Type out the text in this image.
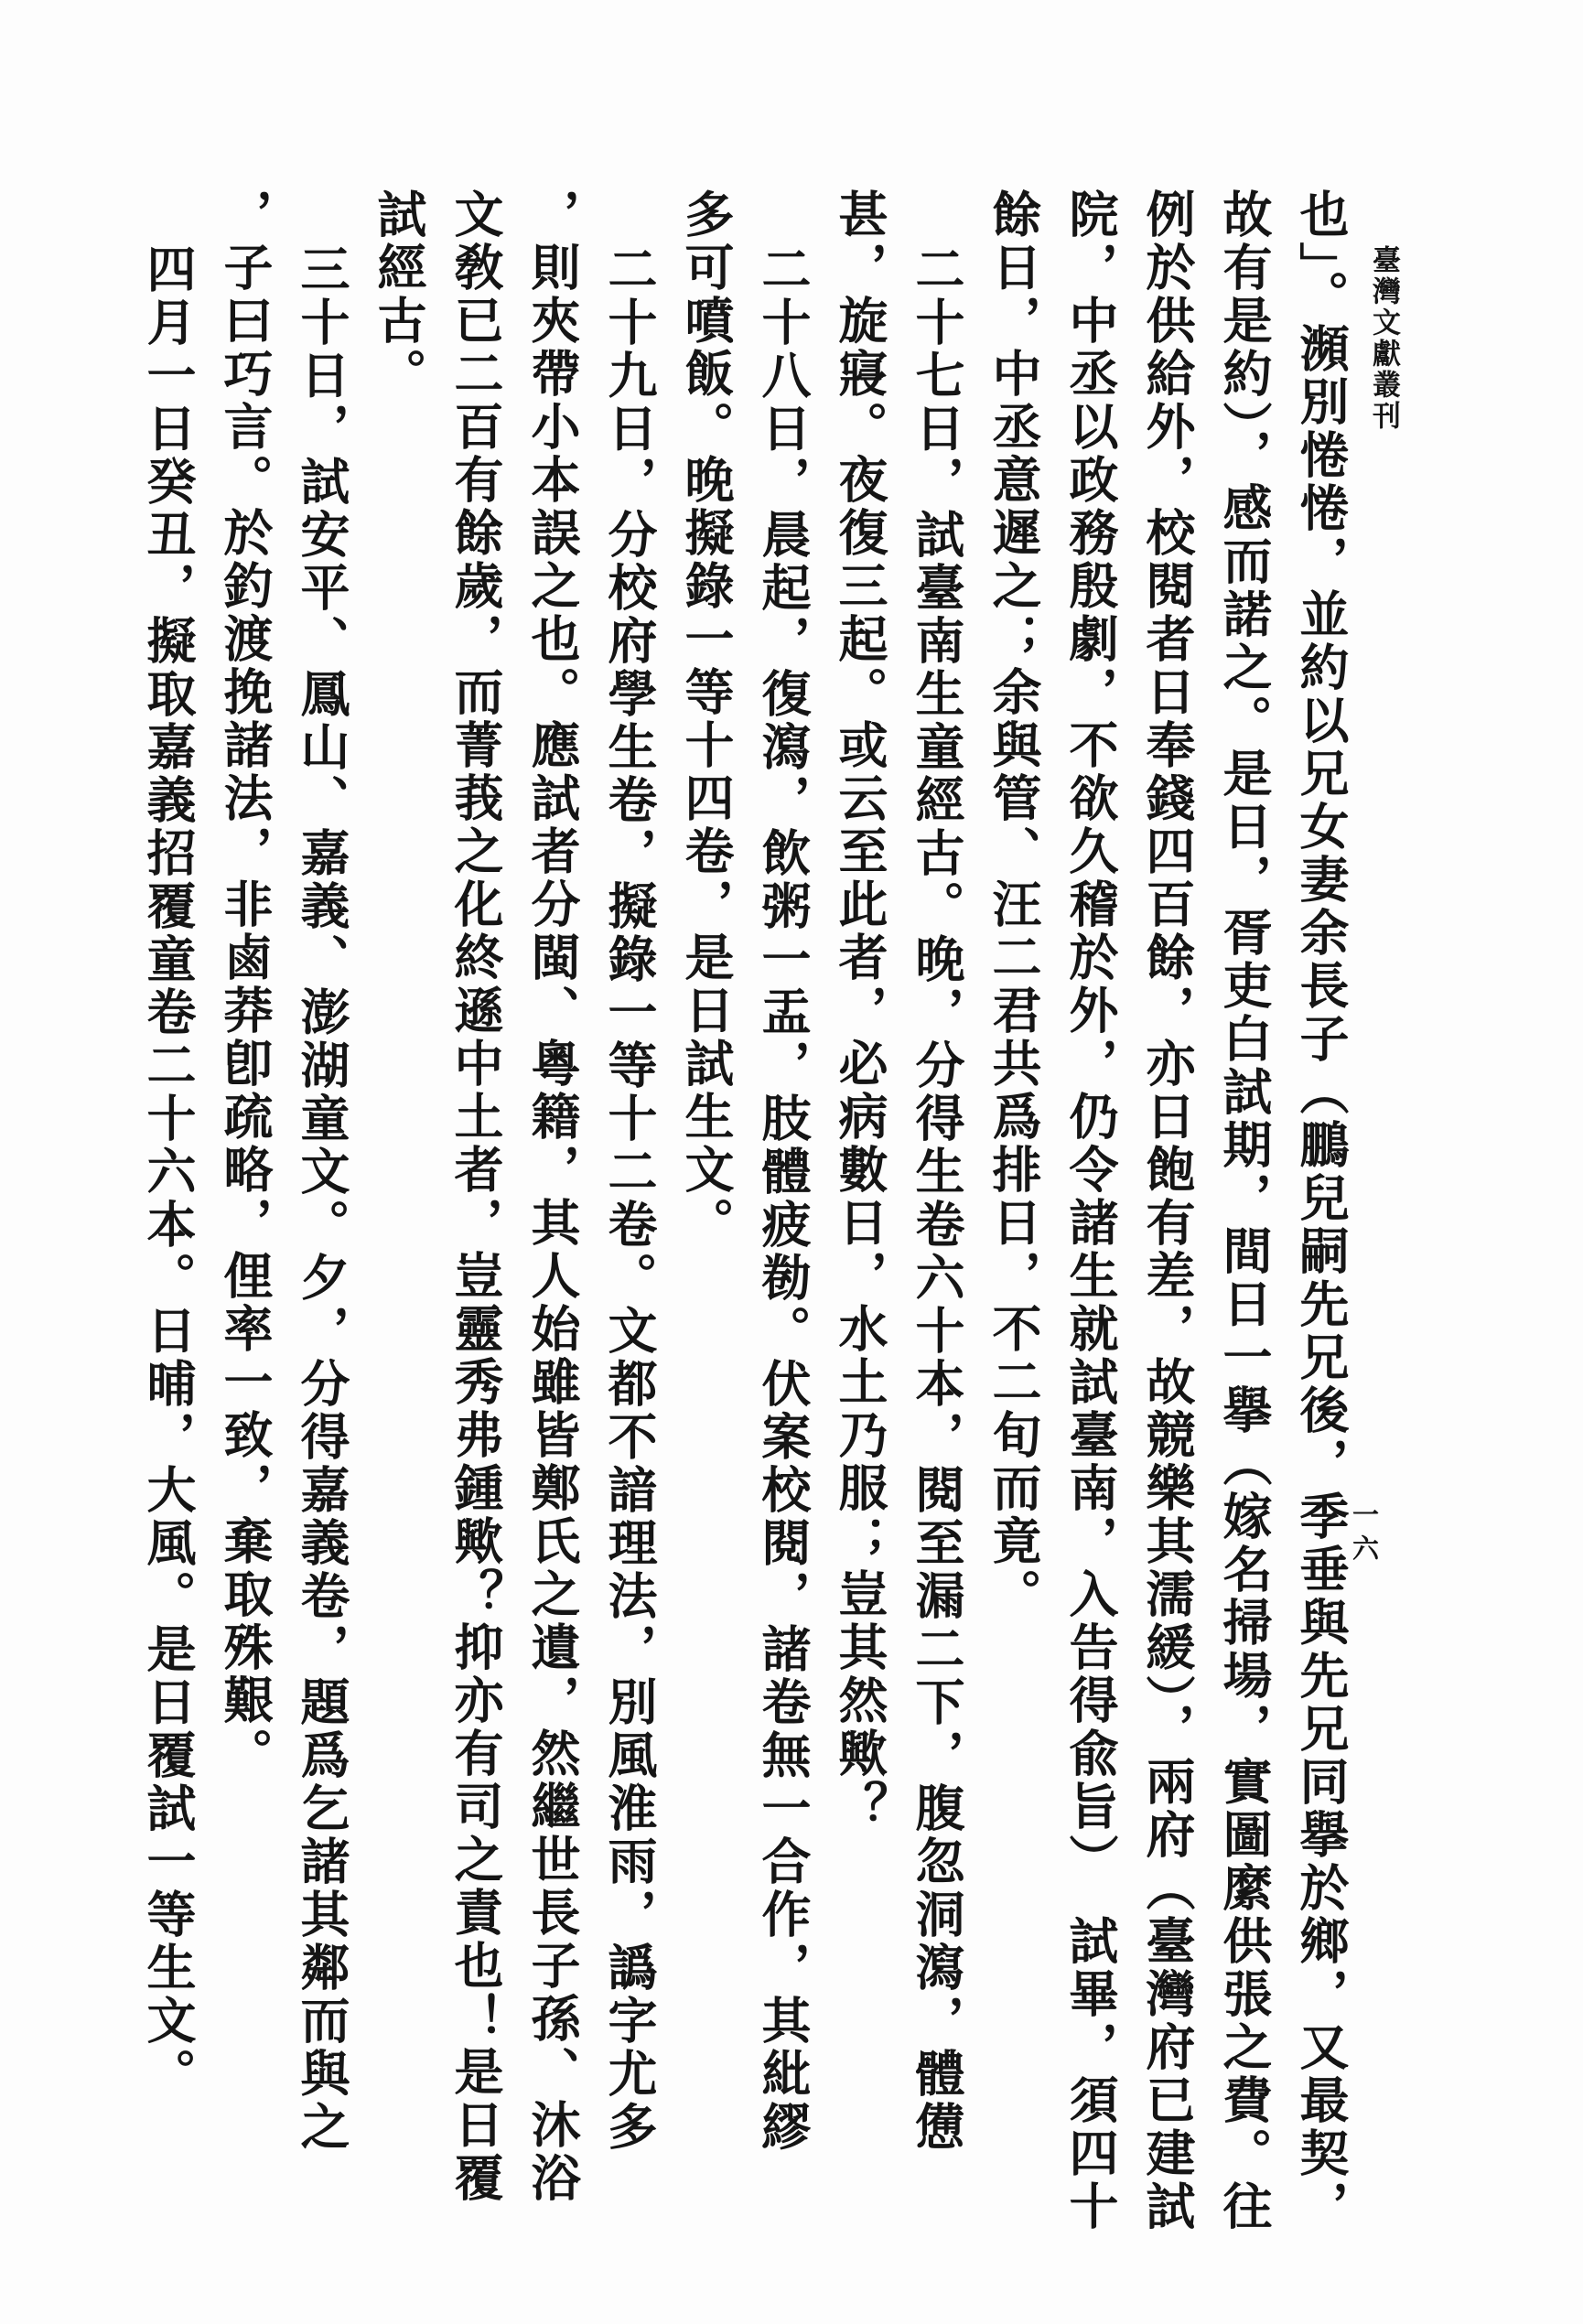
臺灣文獻叢刊
一六
也」。瀕別惓惓，並約以兄女妻余長子（鵬兒嗣先兄後，季垂與先兄同擧於鄉，又最契，
故有是約），感而諾之。是日，胥吏白試期，間日一擧（嫁名掃場，實圖縻供張之費。往
例於供給外，校閱者日奉錢四百餘，亦日飽有差，故競樂其濡緩），兩府（臺灣府已建試
院，中丞以政務殷劇，不欲久稽於外，仍令諸生就試臺南，入告得兪旨）　試畢，須四十
餘日，中丞意遲之；余與管、汪二君共爲排日，不二旬而竟。
二十七日，試臺南生童經古。晚，分得生卷六十本，閱至漏二下，腹忽洞瀉，體憊
甚，旋寢。夜復三起。或云至此者，必病數日，水土乃服；豈其然歟？
二十八日，晨起，復瀉，飲粥一盂，肢體疲勌。伏案校閱，諸卷無一合作，其紕繆
多可噴飯。晚擬錄一等十四卷，是日試生文。
二十九日，分校府學生卷，擬錄一等十二卷。文都不諳理法，別風淮雨，譌字尤多
，則夾帶小本誤之也。應試者分閩、粵籍，其人始雖皆鄭氏之遺，然繼世長子孫、沐浴
文敎已二百有餘歲，而菁莪之化終遜中土者，豈靈秀弗鍾歟？抑亦有司之責也！是日覆
試經古。
三十日，試安平、鳳山、嘉義、澎湖童文。夕，分得嘉義卷，題爲乞諸其鄰而與之
，子曰巧言。於釣渡挽諸法，非鹵莽卽疏略，俚率一致，棄取殊艱。
四月一日癸丑，擬取嘉義招覆童卷二十六本。日晡，大風。是日覆試一等生文。
